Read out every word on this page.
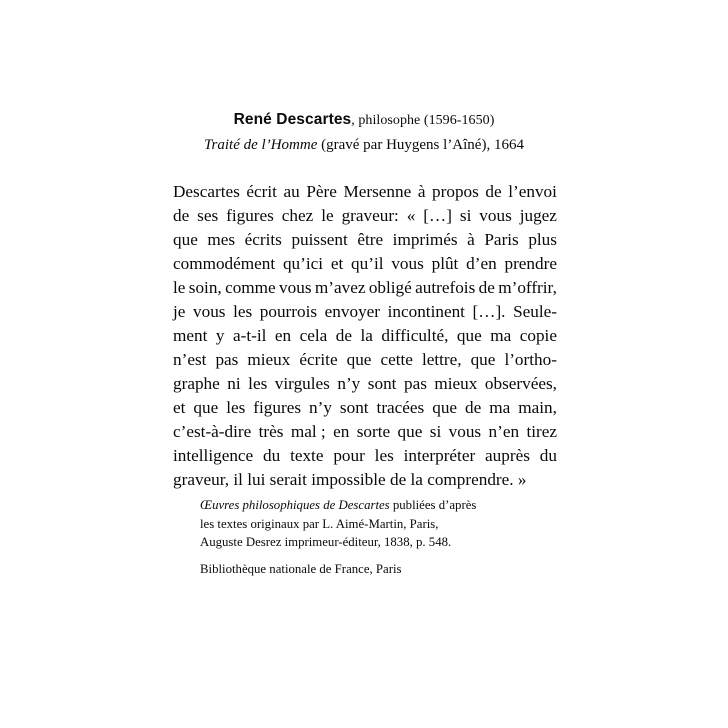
René Descartes, philosophe (1596-1650)
Traité de l’Homme (gravé par Huygens l’Aîné), 1664
Descartes écrit au Père Mersenne à propos de l’envoi
de ses figures chez le graveur: « […] si vous jugez
que mes écrits puissent être imprimés à Paris plus
commodément qu’ici et qu’il vous plût d’en prendre
le soin, comme vous m’avez obligé autrefois de m’offrir,
je vous les pourrois envoyer incontinent […]. Seule-
ment y a-t-il en cela de la difficulté, que ma copie
n’est pas mieux écrite que cette lettre, que l’ortho-
graphe ni les virgules n’y sont pas mieux observées,
et que les figures n’y sont tracées que de ma main,
c’est-à-dire très mal ; en sorte que si vous n’en tirez
intelligence du texte pour les interpréter auprès du
graveur, il lui serait impossible de la comprendre. »
Œuvres philosophiques de Descartes publiées d’après
les textes originaux par L. Aimé-Martin, Paris,
Auguste Desrez imprimeur-éditeur, 1838, p. 548.
Bibliothèque nationale de France, Paris
